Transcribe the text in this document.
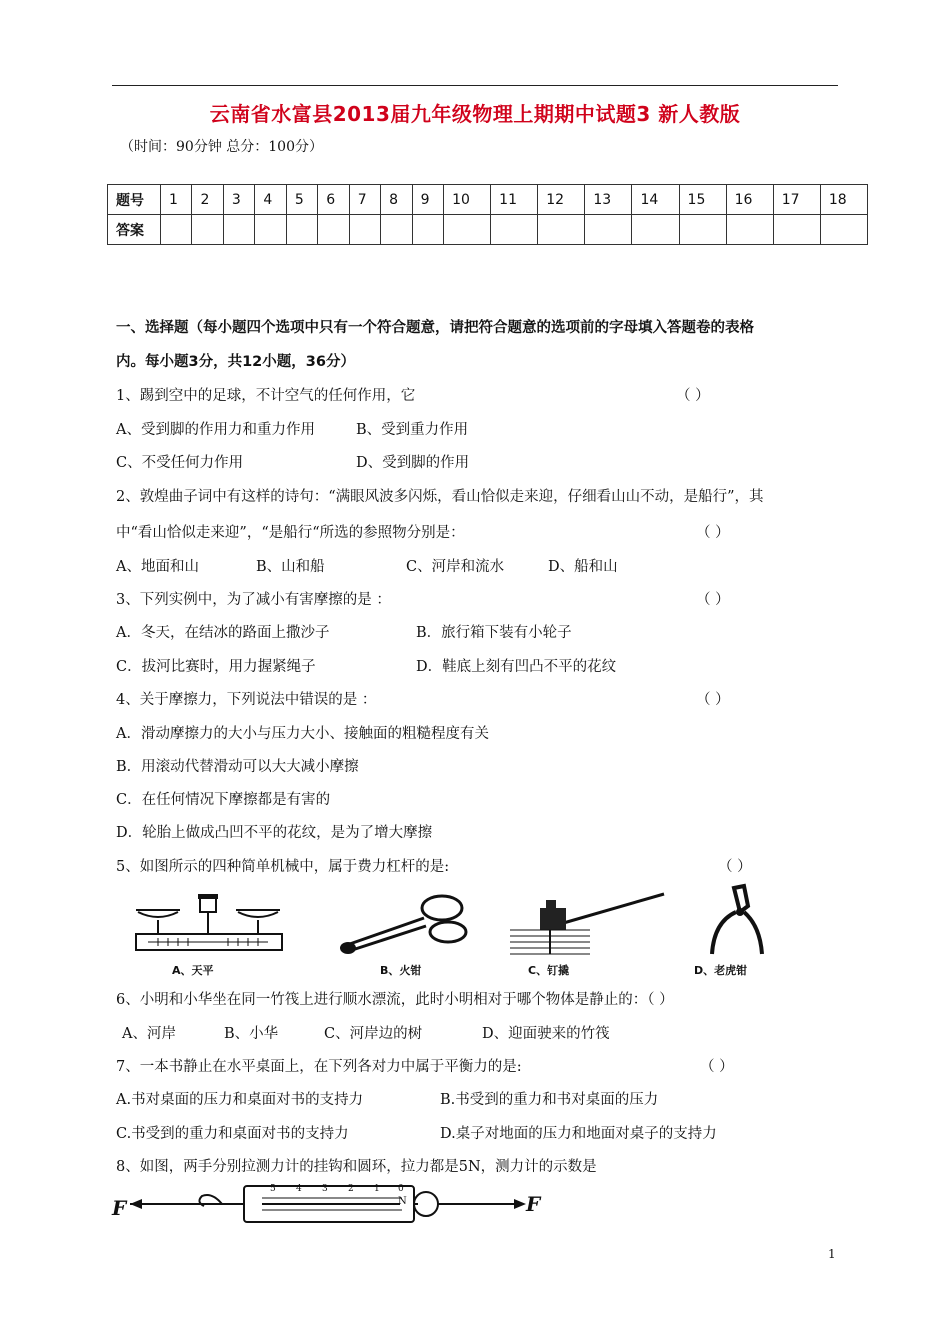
云南省水富县2013届九年级物理上期期中试题3 新人教版
（时间：90分钟 总分：100分）
题号	1	2	3	4	5	6	7	8	9	10	11	12	13	14	15	16	17	18
答案																		
一、选择题（每小题四个选项中只有一个符合题意，请把符合题意的选项前的字母填入答题卷的表格
内。每小题3分，共12小题，36分）
1、踢到空中的足球，不计空气的任何作用，它	（ ）
A、受到脚的作用力和重力作用	B、受到重力作用
C、不受任何力作用	D、受到脚的作用
2、敦煌曲子词中有这样的诗句：“满眼风波多闪烁，看山恰似走来迎，仔细看山山不动，是船行”，其
中“看山恰似走来迎”，“是船行“所选的参照物分别是：	（ ）
A、地面和山	B、山和船	C、河岸和流水	D、船和山
3、下列实例中，为了减小有害摩擦的是 ：	（ ）
A．冬天，在结冰的路面上撒沙子	B．旅行箱下装有小轮子
C．拔河比赛时，用力握紧绳子	D．鞋底上刻有凹凸不平的花纹
4、关于摩擦力，下列说法中错误的是 ：	（ ）
A．滑动摩擦力的大小与压力大小、接触面的粗糙程度有关
B．用滚动代替滑动可以大大减小摩擦
C．在任何情况下摩擦都是有害的
D．轮胎上做成凸凹不平的花纹，是为了增大摩擦
5、如图所示的四种简单机械中，属于费力杠杆的是:	（ ）
A、天平	B、火钳	C、钉撬	D、老虎钳
6、小明和小华坐在同一竹筏上进行顺水漂流，此时小明相对于哪个物体是静止的：（ ）
A、河岸	B、小华	C、河岸边的树	D、迎面驶来的竹筏
7、一本书静止在水平桌面上，在下列各对力中属于平衡力的是:	（ ）
A.书对桌面的压力和桌面对书的支持力	B.书受到的重力和书对桌面的压力
C.书受到的重力和桌面对书的支持力	D.桌子对地面的压力和地面对桌子的支持力
8、如图，两手分别拉测力计的挂钩和圆环，拉力都是5N，测力计的示数是
F	F
N
5 4 3 2 1 0
1
